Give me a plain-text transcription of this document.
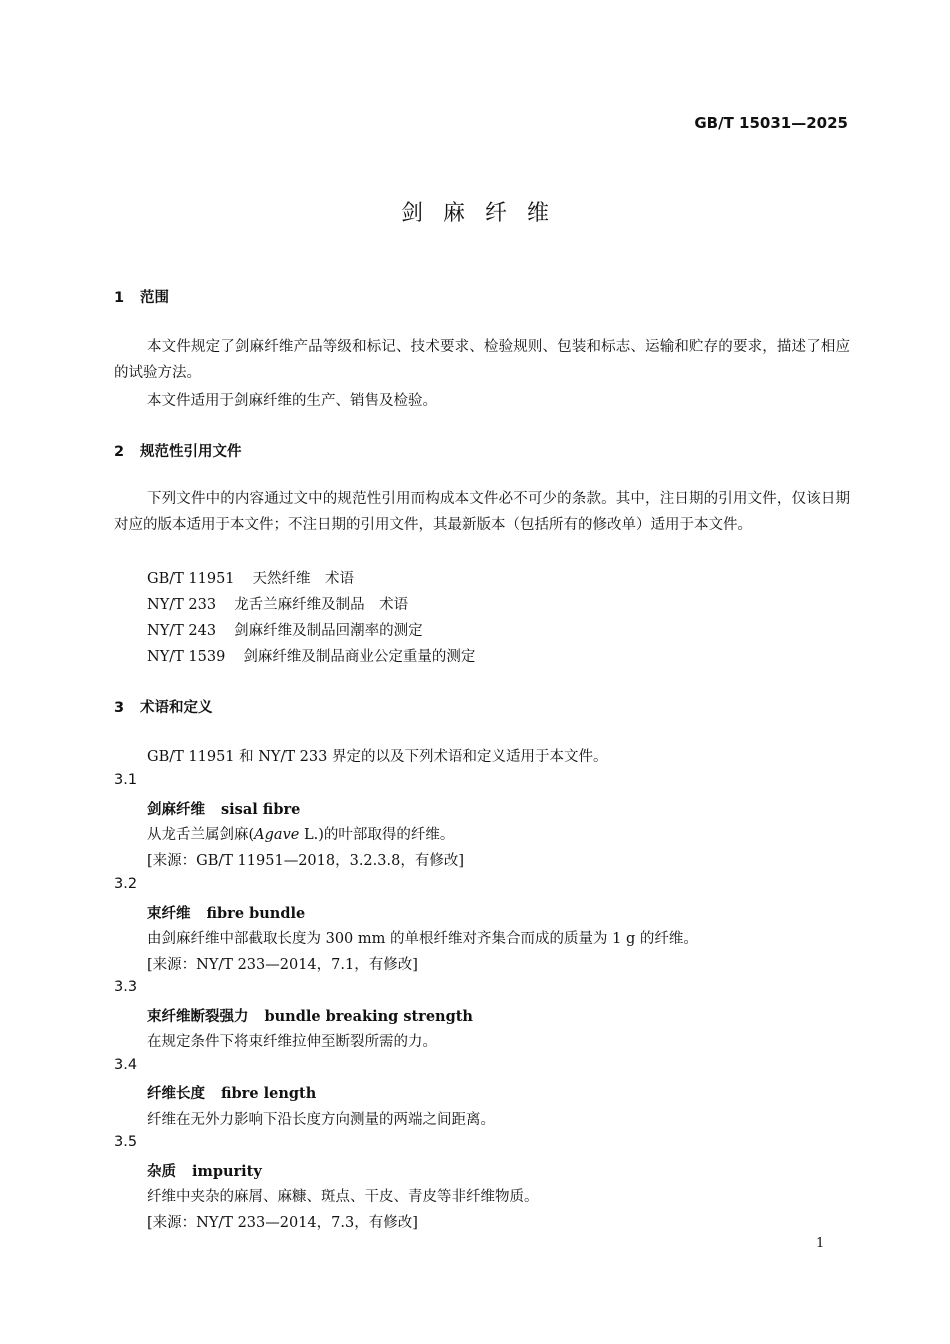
GB/T 15031—2025
剑麻纤维
1 范围
本文件规定了剑麻纤维产品等级和标记、技术要求、检验规则、包装和标志、运输和贮存的要求，描述了相应的试验方法。
本文件适用于剑麻纤维的生产、销售及检验。
2 规范性引用文件
下列文件中的内容通过文中的规范性引用而构成本文件必不可少的条款。其中，注日期的引用文件，仅该日期对应的版本适用于本文件；不注日期的引用文件，其最新版本（包括所有的修改单）适用于本文件。
GB/T 11951 天然纤维　术语
NY/T 233 龙舌兰麻纤维及制品　术语
NY/T 243 剑麻纤维及制品回潮率的测定
NY/T 1539 剑麻纤维及制品商业公定重量的测定
3 术语和定义
GB/T 11951 和 NY/T 233 界定的以及下列术语和定义适用于本文件。
3.1
剑麻纤维 sisal fibre
从龙舌兰属剑麻(Agave L.)的叶部取得的纤维。
[来源：GB/T 11951—2018，3.2.3.8，有修改]
3.2
束纤维 fibre bundle
由剑麻纤维中部截取长度为 300 mm 的单根纤维对齐集合而成的质量为 1 g 的纤维。
[来源：NY/T 233—2014，7.1，有修改]
3.3
束纤维断裂强力 bundle breaking strength
在规定条件下将束纤维拉伸至断裂所需的力。
3.4
纤维长度 fibre length
纤维在无外力影响下沿长度方向测量的两端之间距离。
3.5
杂质 impurity
纤维中夹杂的麻屑、麻糠、斑点、干皮、青皮等非纤维物质。
[来源：NY/T 233—2014，7.3，有修改]
1
